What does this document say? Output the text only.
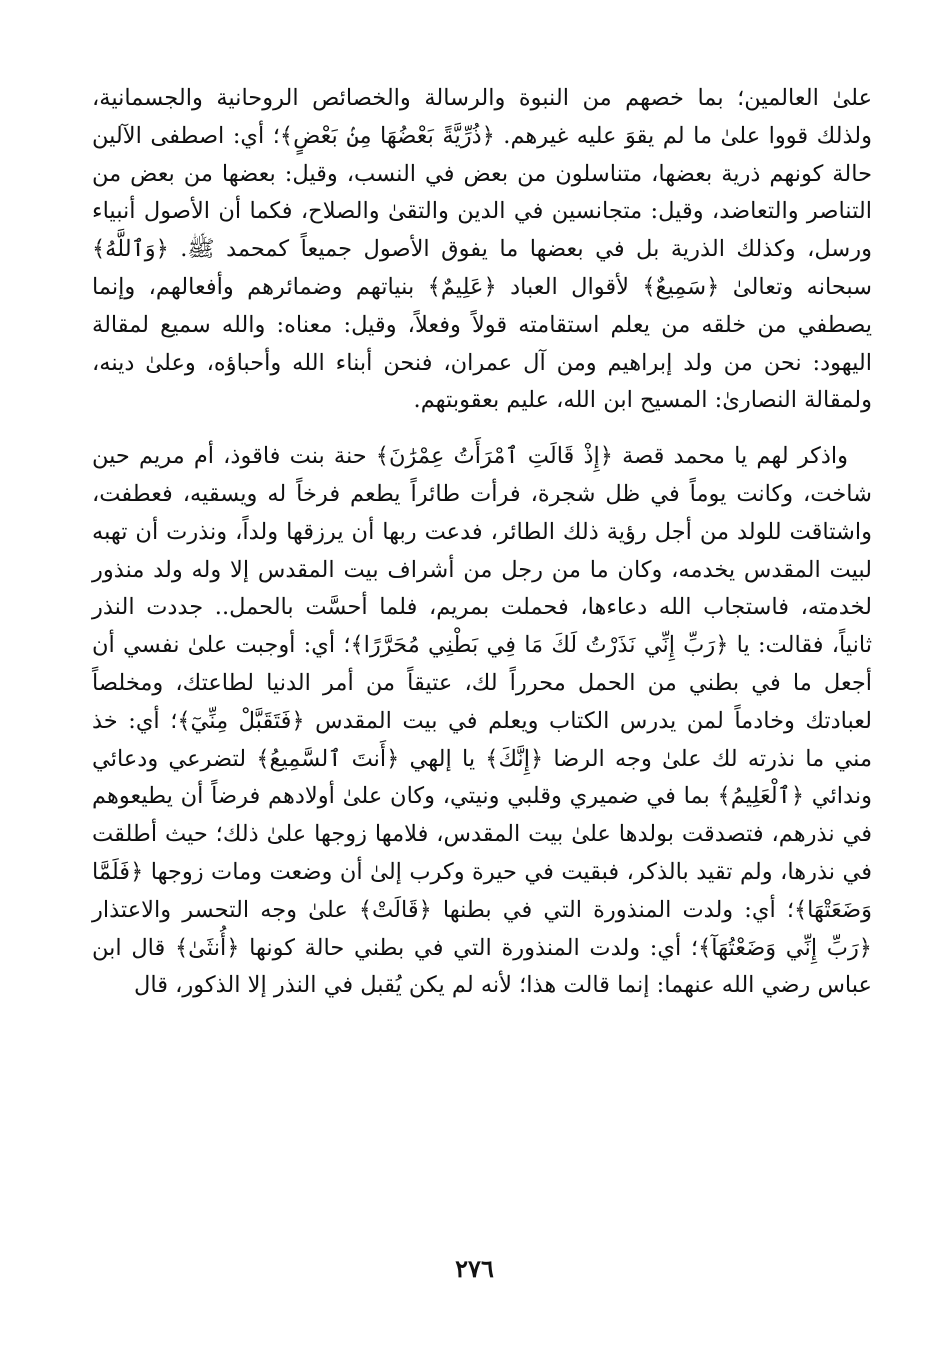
علىٰ العالمين؛ بما خصهم من النبوة والرسالة والخصائص الروحانية والجسمانية، ولذلك قووا علىٰ ما لم يقوَ عليه غيرهم. ﴿ذُرِّيَّةً بَعْضُهَا مِنۢ بَعْضٍ﴾؛ أي: اصطفى الآلين حالة كونهم ذرية بعضها، متناسلون من بعض في النسب، وقيل: بعضها من بعض من التناصر والتعاضد، وقيل: متجانسين في الدين والتقىٰ والصلاح، فكما أن الأصول أنبياء ورسل، وكذلك الذرية بل في بعضها ما يفوق الأصول جميعاً كمحمد ﷺ. ﴿وَٱللَّهُ﴾ سبحانه وتعالىٰ ﴿سَمِيعٌ﴾ لأقوال العباد ﴿عَلِيمٌ﴾ بنياتهم وضمائرهم وأفعالهم، وإنما يصطفي من خلقه من يعلم استقامته قولاً وفعلاً، وقيل: معناه: والله سميع لمقالة اليهود: نحن من ولد إبراهيم ومن آل عمران، فنحن أبناء الله وأحباؤه، وعلىٰ دينه، ولمقالة النصارىٰ: المسيح ابن الله، عليم بعقوبتهم.

واذكر لهم يا محمد قصة ﴿إِذْ قَالَتِ ٱمْرَأَتُ عِمْرَٰنَ﴾ حنة بنت فاقوذ، أم مريم حين شاخت، وكانت يوماً في ظل شجرة، فرأت طائراً يطعم فرخاً له ويسقيه، فعطفت، واشتاقت للولد من أجل رؤية ذلك الطائر، فدعت ربها أن يرزقها ولداً، ونذرت أن تهبه لبيت المقدس يخدمه، وكان ما من رجل من أشراف بيت المقدس إلا وله ولد منذور لخدمته، فاستجاب الله دعاءها، فحملت بمريم، فلما أحسَّت بالحمل.. جددت النذر ثانياً، فقالت: يا ﴿رَبِّ إِنِّي نَذَرْتُ لَكَ مَا فِي بَطْنِي مُحَرَّرًا﴾؛ أي: أوجبت علىٰ نفسي أن أجعل ما في بطني من الحمل محرراً لك، عتيقاً من أمر الدنيا لطاعتك، ومخلصاً لعبادتك وخادماً لمن يدرس الكتاب ويعلم في بيت المقدس ﴿فَتَقَبَّلْ مِنِّيٓ﴾؛ أي: خذ مني ما نذرته لك علىٰ وجه الرضا ﴿إِنَّكَ﴾ يا إلهي ﴿أَنتَ ٱلسَّمِيعُ﴾ لتضرعي ودعائي وندائي ﴿ٱلْعَلِيمُ﴾ بما في ضميري وقلبي ونيتي، وكان علىٰ أولادهم فرضاً أن يطيعوهم في نذرهم، فتصدقت بولدها علىٰ بيت المقدس، فلامها زوجها علىٰ ذلك؛ حيث أطلقت في نذرها، ولم تقيد بالذكر، فبقيت في حيرة وكرب إلىٰ أن وضعت ومات زوجها ﴿فَلَمَّا وَضَعَتْهَا﴾؛ أي: ولدت المنذورة التي في بطنها ﴿قَالَتْ﴾ علىٰ وجه التحسر والاعتذار ﴿رَبِّ إِنِّي وَضَعْتُهَآ﴾؛ أي: ولدت المنذورة التي في بطني حالة كونها ﴿أُنثَىٰ﴾ قال ابن عباس رضي الله عنهما: إنما قالت هذا؛ لأنه لم يكن يُقبل في النذر إلا الذكور، قال

٢٧٦
